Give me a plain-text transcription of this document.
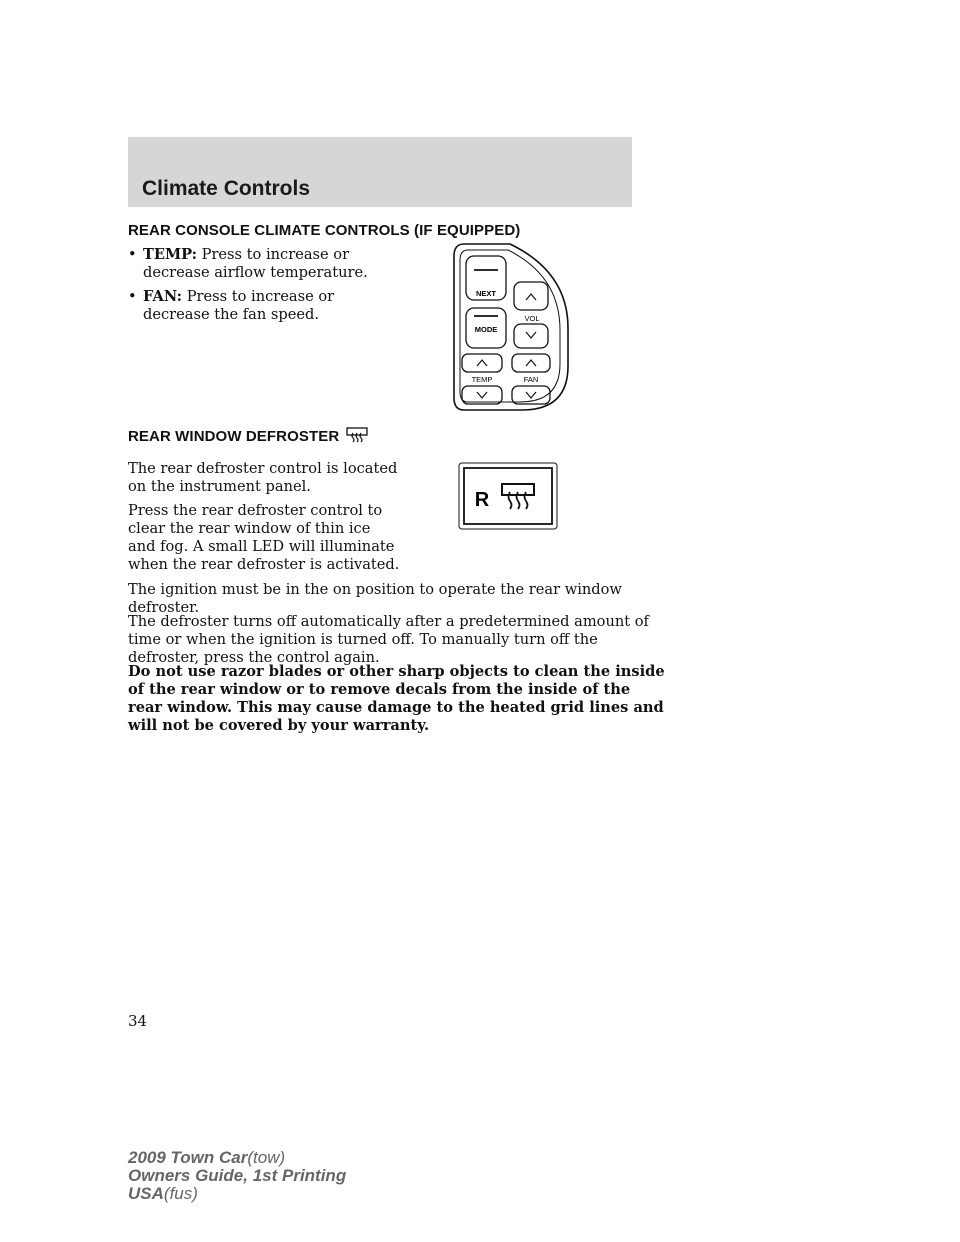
Climate Controls
REAR CONSOLE CLIMATE CONTROLS (IF EQUIPPED)
• TEMP: Press to increase or
decrease airflow temperature.
• FAN: Press to increase or
decrease the fan speed.
NEXT
MODE
VOL
TEMP	FAN
REAR WINDOW DEFROSTER
The rear defroster control is located
on the instrument panel.
Press the rear defroster control to
clear the rear window of thin ice
and fog. A small LED will illuminate
when the rear defroster is activated.
R
The ignition must be in the on position to operate the rear window
defroster.
The defroster turns off automatically after a predetermined amount of
time or when the ignition is turned off. To manually turn off the
defroster, press the control again.
Do not use razor blades or other sharp objects to clean the inside
of the rear window or to remove decals from the inside of the
rear window. This may cause damage to the heated grid lines and
will not be covered by your warranty.
34
2009 Town Car(tow)
Owners Guide, 1st Printing
USA(fus)
